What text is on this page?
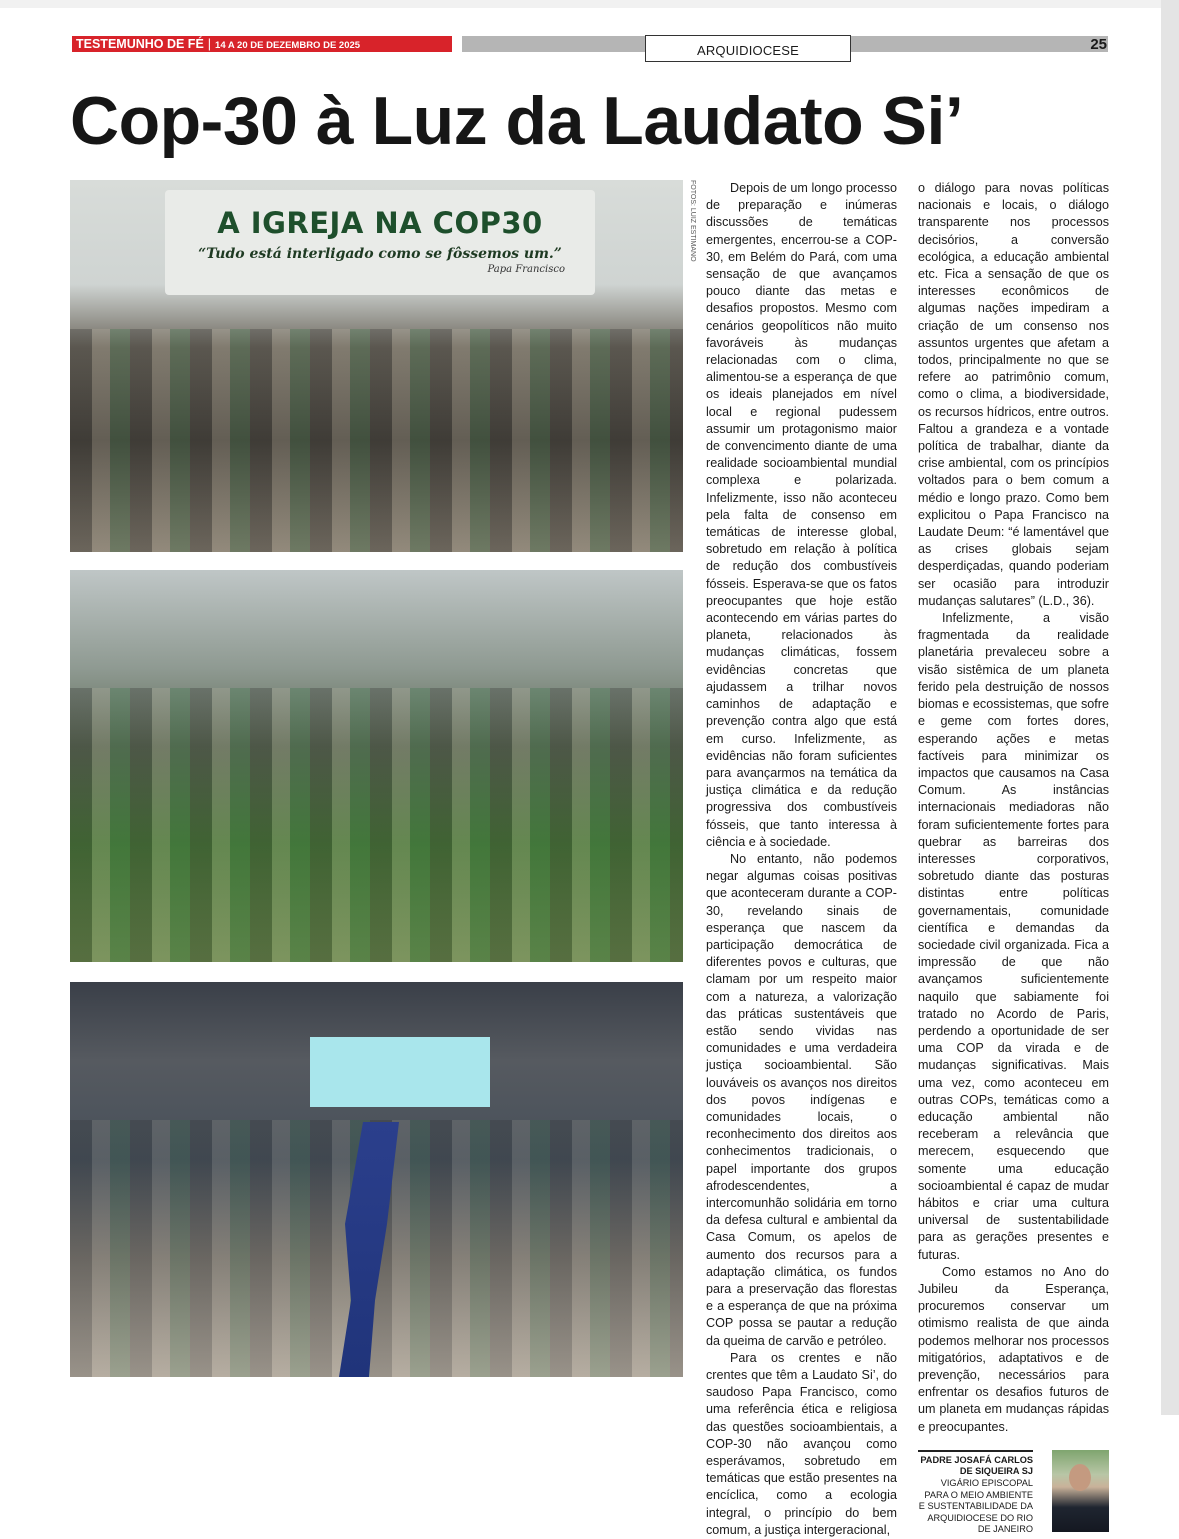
TESTEMUNHO DE FÉ | 14 A 20 DE DEZEMBRO DE 2025	ARQUIDIOCESE	25
Cop-30 à Luz da Laudato Si’
A IGREJA NA COP30
“Tudo está interligado como se fôssemos um.”
Papa Francisco
FOTOS: LUIZ ESTIMANO	Depois de um longo processo de preparação e inúmeras discussões de temáticas emergentes, encerrou-se a COP-30, em Belém do Pará, com uma sensação de que avançamos pouco diante das metas e desafios propostos. Mesmo com cenários geopolíticos não muito favoráveis às mudanças relacionadas com o clima, alimentou-se a esperança de que os ideais planejados em nível local e regional pudessem assumir um protagonismo maior de convencimento diante de uma realidade socioambiental mundial complexa e polarizada. Infelizmente, isso não aconteceu pela falta de consenso em temáticas de interesse global, sobretudo em relação à política de redução dos combustíveis fósseis. Esperava-se que os fatos preocupantes que hoje estão acontecendo em várias partes do planeta, relacionados às mudanças climáticas, fossem evidências concretas que ajudassem a trilhar novos caminhos de adaptação e prevenção contra algo que está em curso. Infelizmente, as evidências não foram suficientes para avançarmos na temática da justiça climática e da redução progressiva dos combustíveis fósseis, que tanto interessa à ciência e à sociedade.

No entanto, não podemos negar algumas coisas positivas que aconteceram durante a COP-30, revelando sinais de esperança que nascem da participação democrática de diferentes povos e culturas, que clamam por um respeito maior com a natureza, a valorização das práticas sustentáveis que estão sendo vividas nas comunidades e uma verdadeira justiça socioambiental. São louváveis os avanços nos direitos dos povos indígenas e comunidades locais, o reconhecimento dos direitos aos conhecimentos tradicionais, o papel importante dos grupos afrodescendentes, a intercomunhão solidária em torno da defesa cultural e ambiental da Casa Comum, os apelos de aumento dos recursos para a adaptação climática, os fundos para a preservação das florestas e a esperança de que na próxima COP possa se pautar a redução da queima de carvão e petróleo.

Para os crentes e não crentes que têm a Laudato Si’, do saudoso Papa Francisco, como uma referência ética e religiosa das questões socioambientais, a COP-30 não avançou como esperávamos, sobretudo em temáticas que estão presentes na encíclica, como a ecologia integral, o princípio do bem comum, a justiça intergeracional,

o diálogo para novas políticas nacionais e locais, o diálogo transparente nos processos decisórios, a conversão ecológica, a educação ambiental etc. Fica a sensação de que os interesses econômicos de algumas nações impediram a criação de um consenso nos assuntos urgentes que afetam a todos, principalmente no que se refere ao patrimônio comum, como o clima, a biodiversidade, os recursos hídricos, entre outros. Faltou a grandeza e a vontade política de trabalhar, diante da crise ambiental, com os princípios voltados para o bem comum a médio e longo prazo. Como bem explicitou o Papa Francisco na Laudate Deum: “é lamentável que as crises globais sejam desperdiçadas, quando poderiam ser ocasião para introduzir mudanças salutares” (L.D., 36).

Infelizmente, a visão fragmentada da realidade planetária prevaleceu sobre a visão sistêmica de um planeta ferido pela destruição de nossos biomas e ecossistemas, que sofre e geme com fortes dores, esperando ações e metas factíveis para minimizar os impactos que causamos na Casa Comum. As instâncias internacionais mediadoras não foram suficientemente fortes para quebrar as barreiras dos interesses corporativos, sobretudo diante das posturas distintas entre políticas governamentais, comunidade científica e demandas da sociedade civil organizada. Fica a impressão de que não avançamos suficientemente naquilo que sabiamente foi tratado no Acordo de Paris, perdendo a oportunidade de ser uma COP da virada e de mudanças significativas. Mais uma vez, como aconteceu em outras COPs, temáticas como a educação ambiental não receberam a relevância que merecem, esquecendo que somente uma educação socioambiental é capaz de mudar hábitos e criar uma cultura universal de sustentabilidade para as gerações presentes e futuras.

Como estamos no Ano do Jubileu da Esperança, procuremos conservar um otimismo realista de que ainda podemos melhorar nos processos mitigatórios, adaptativos e de prevenção, necessários para enfrentar os desafios futuros de um planeta em mudanças rápidas e preocupantes.

PADRE JOSAFÁ CARLOS DE SIQUEIRA SJ
VIGÁRIO EPISCOPAL PARA O MEIO AMBIENTE E SUSTENTABILIDADE DA ARQUIDIOCESE DO RIO DE JANEIRO
